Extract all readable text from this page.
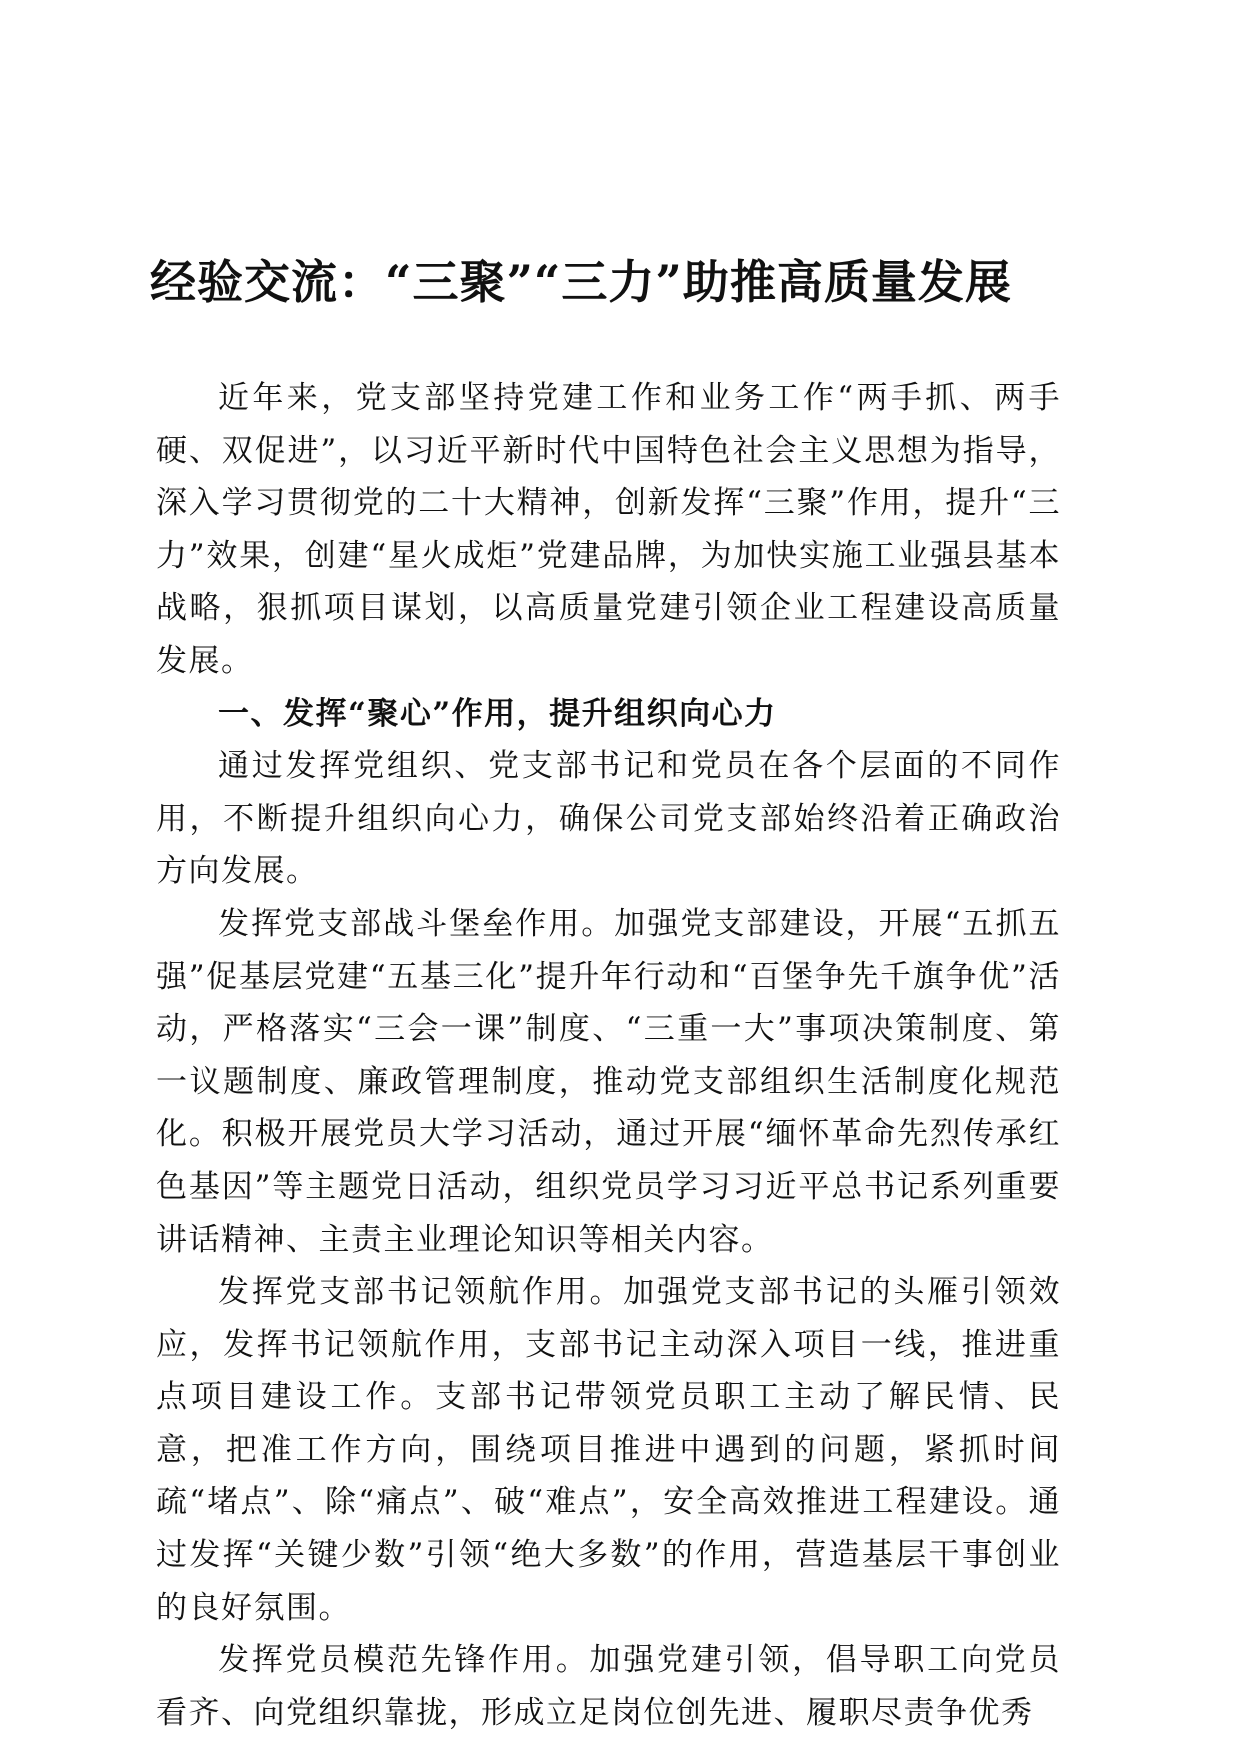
经验交流：“三聚”“三力”助推高质量发展

近年来，党支部坚持党建工作和业务工作“两手抓、两手硬、双促进”，以习近平新时代中国特色社会主义思想为指导，深入学习贯彻党的二十大精神，创新发挥“三聚”作用，提升“三力”效果，创建“星火成炬”党建品牌，为加快实施工业强县基本战略，狠抓项目谋划，以高质量党建引领企业工程建设高质量发展。

一、发挥“聚心”作用，提升组织向心力

通过发挥党组织、党支部书记和党员在各个层面的不同作用，不断提升组织向心力，确保公司党支部始终沿着正确政治方向发展。

发挥党支部战斗堡垒作用。加强党支部建设，开展“五抓五强”促基层党建“五基三化”提升年行动和“百堡争先千旗争优”活动，严格落实“三会一课”制度、“三重一大”事项决策制度、第一议题制度、廉政管理制度，推动党支部组织生活制度化规范化。积极开展党员大学习活动，通过开展“缅怀革命先烈传承红色基因”等主题党日活动，组织党员学习习近平总书记系列重要讲话精神、主责主业理论知识等相关内容。

发挥党支部书记领航作用。加强党支部书记的头雁引领效应，发挥书记领航作用，支部书记主动深入项目一线，推进重点项目建设工作。支部书记带领党员职工主动了解民情、民意，把准工作方向，围绕项目推进中遇到的问题，紧抓时间疏“堵点”、除“痛点”、破“难点”，安全高效推进工程建设。通过发挥“关键少数”引领“绝大多数”的作用，营造基层干事创业的良好氛围。

发挥党员模范先锋作用。加强党建引领，倡导职工向党员看齐、向党组织靠拢，形成立足岗位创先进、履职尽责争优秀
